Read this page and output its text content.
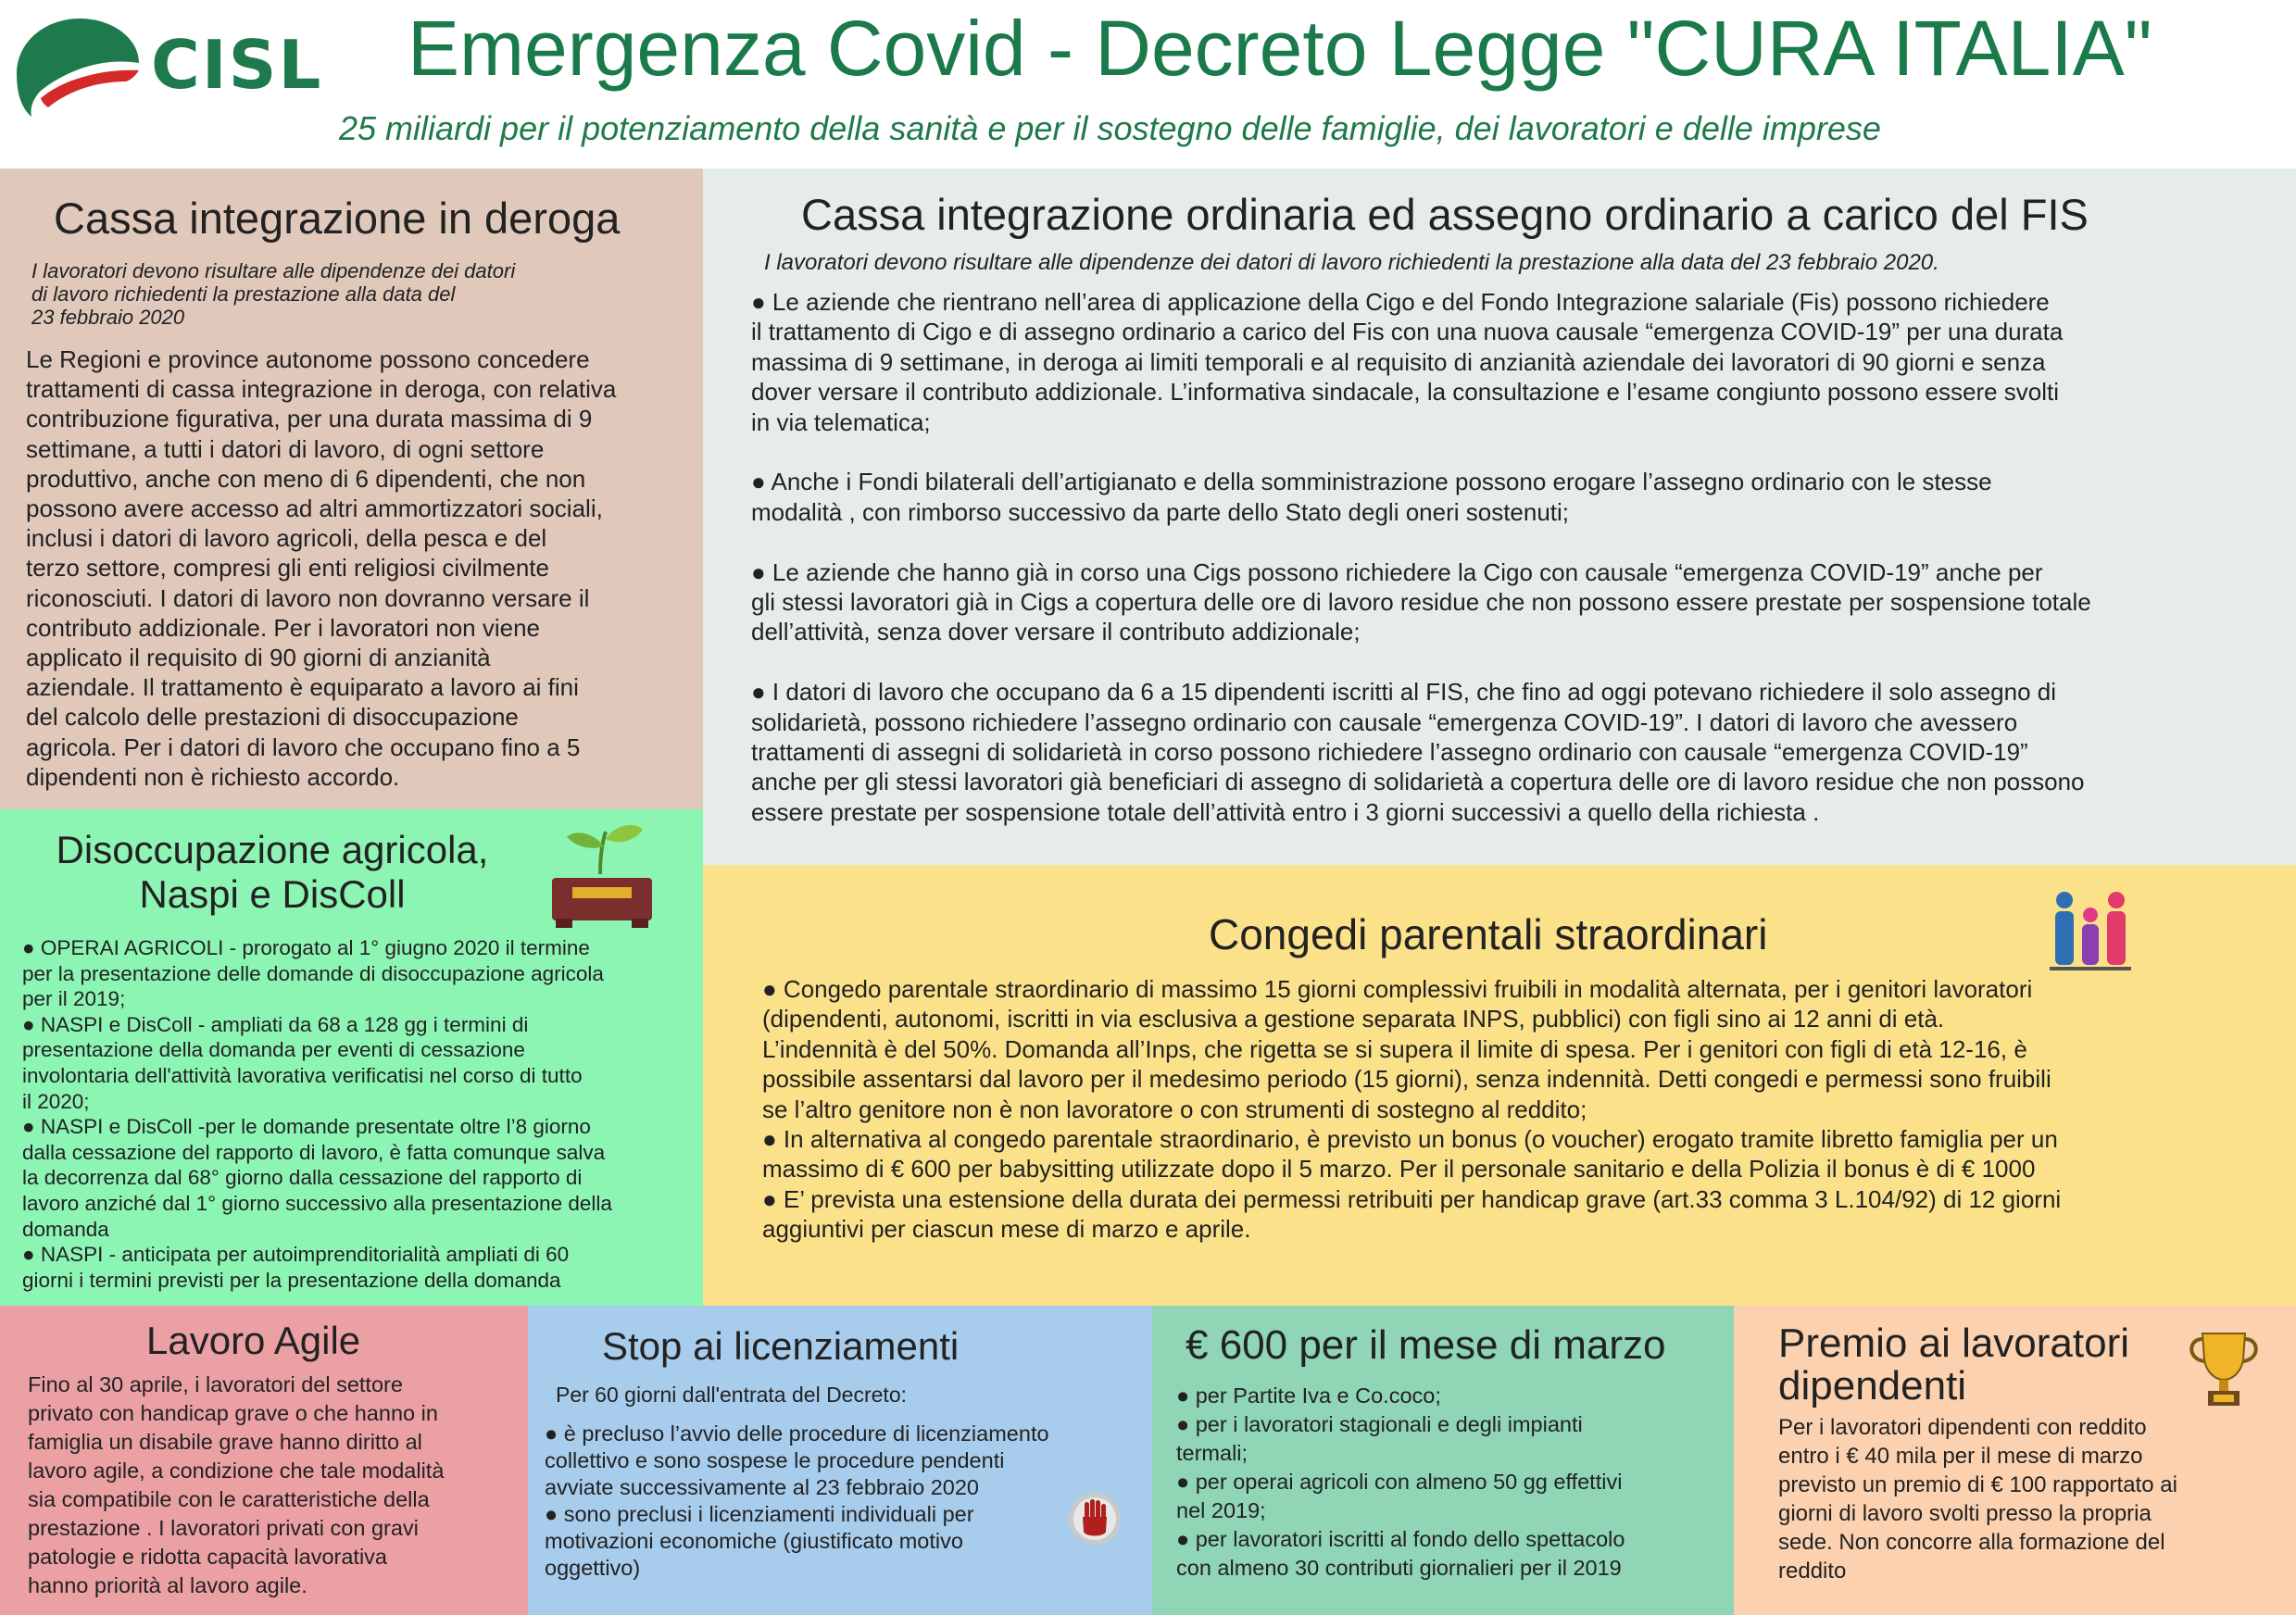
CISL Emergenza Covid - Decreto Legge "CURA ITALIA"
25 miliardi per il potenziamento della sanità e per il sostegno delle famiglie, dei lavoratori e delle imprese
Cassa integrazione in deroga
I lavoratori devono risultare alle dipendenze dei datori
di lavoro richiedenti la prestazione alla data del
23 febbraio 2020
Le Regioni e province autonome possono concedere
trattamenti di cassa integrazione in deroga, con relativa
contribuzione figurativa, per una durata massima di 9
settimane, a tutti i datori di lavoro, di ogni settore
produttivo, anche con meno di 6 dipendenti, che non
possono avere accesso ad altri ammortizzatori sociali,
inclusi i datori di lavoro agricoli, della pesca e del
terzo settore, compresi gli enti religiosi civilmente
riconosciuti. I datori di lavoro non dovranno versare il
contributo addizionale. Per i lavoratori non viene
applicato il requisito di 90 giorni di anzianità
aziendale. Il trattamento è equiparato a lavoro ai fini
del calcolo delle prestazioni di disoccupazione
agricola. Per i datori di lavoro che occupano fino a 5
dipendenti non è richiesto accordo.
Cassa integrazione ordinaria ed assegno ordinario a carico del FIS
I lavoratori devono risultare alle dipendenze dei datori di lavoro richiedenti la prestazione alla data del 23 febbraio 2020.
● Le aziende che rientrano nell’area di applicazione della Cigo e del Fondo Integrazione salariale (Fis) possono richiedere
il trattamento di Cigo e di assegno ordinario a carico del Fis con una nuova causale “emergenza COVID-19” per una durata
massima di 9 settimane, in deroga ai limiti temporali e al requisito di anzianità aziendale dei lavoratori di 90 giorni e senza
dover versare il contributo addizionale. L’informativa sindacale, la consultazione e l’esame congiunto possono essere svolti
in via telematica;
● Anche i Fondi bilaterali dell’artigianato e della somministrazione possono erogare l’assegno ordinario con le stesse
modalità , con rimborso successivo da parte dello Stato degli oneri sostenuti;
● Le aziende che hanno già in corso una Cigs possono richiedere la Cigo con causale “emergenza COVID-19” anche per
gli stessi lavoratori già in Cigs a copertura delle ore di lavoro residue che non possono essere prestate per sospensione totale
dell’attività, senza dover versare il contributo addizionale;
● I datori di lavoro che occupano da 6 a 15 dipendenti iscritti al FIS, che fino ad oggi potevano richiedere il solo assegno di
solidarietà, possono richiedere l’assegno ordinario con causale “emergenza COVID-19”. I datori di lavoro che avessero
trattamenti di assegni di solidarietà in corso possono richiedere l’assegno ordinario con causale “emergenza COVID-19”
anche per gli stessi lavoratori già beneficiari di assegno di solidarietà a copertura delle ore di lavoro residue che non possono
essere prestate per sospensione totale dell’attività entro i 3 giorni successivi a quello della richiesta .
Disoccupazione agricola,
Naspi e DisColl
● OPERAI AGRICOLI - prorogato al 1° giugno 2020 il termine
per la presentazione delle domande di disoccupazione agricola
per il 2019;
● NASPI e DisColl - ampliati da 68 a 128 gg i termini di
presentazione della domanda per eventi di cessazione
involontaria dell'attività lavorativa verificatisi nel corso di tutto
il 2020;
● NASPI e DisColl -per le domande presentate oltre l’8 giorno
dalla cessazione del rapporto di lavoro, è fatta comunque salva
la decorrenza dal 68° giorno dalla cessazione del rapporto di
lavoro anziché dal 1° giorno successivo alla presentazione della
domanda
● NASPI - anticipata per autoimprenditorialità ampliati di 60
giorni i termini previsti per la presentazione della domanda
Congedi parentali straordinari
● Congedo parentale straordinario di massimo 15 giorni complessivi fruibili in modalità alternata, per i genitori lavoratori
(dipendenti, autonomi, iscritti in via esclusiva a gestione separata INPS, pubblici) con figli sino ai 12 anni di età.
L’indennità è del 50%. Domanda all’Inps, che rigetta se si supera il limite di spesa. Per i genitori con figli di età 12-16, è
possibile assentarsi dal lavoro per il medesimo periodo (15 giorni), senza indennità. Detti congedi e permessi sono fruibili
se l’altro genitore non è non lavoratore o con strumenti di sostegno al reddito;
● In alternativa al congedo parentale straordinario, è previsto un bonus (o voucher) erogato tramite libretto famiglia per un
massimo di € 600 per babysitting utilizzate dopo il 5 marzo. Per il personale sanitario e della Polizia il bonus è di € 1000
● E’ prevista una estensione della durata dei permessi retribuiti per handicap grave (art.33 comma 3 L.104/92) di 12 giorni
aggiuntivi per ciascun mese di marzo e aprile.
Lavoro Agile
Fino al 30 aprile, i lavoratori del settore
privato con handicap grave o che hanno in
famiglia un disabile grave hanno diritto al
lavoro agile, a condizione che tale modalità
sia compatibile con le caratteristiche della
prestazione . I lavoratori privati con gravi
patologie e ridotta capacità lavorativa
hanno priorità al lavoro agile.
Stop ai licenziamenti
Per 60 giorni dall'entrata del Decreto:
● è precluso l’avvio delle procedure di licenziamento
collettivo e sono sospese le procedure pendenti
avviate successivamente al 23 febbraio 2020
● sono preclusi i licenziamenti individuali per
motivazioni economiche (giustificato motivo
oggettivo)
€ 600 per il mese di marzo
● per Partite Iva e Co.coco;
● per i lavoratori stagionali e degli impianti
termali;
● per operai agricoli con almeno 50 gg effettivi
nel 2019;
● per lavoratori iscritti al fondo dello spettacolo
con almeno 30 contributi giornalieri per il 2019
Premio ai lavoratori
dipendenti
Per i lavoratori dipendenti con reddito
entro i € 40 mila per il mese di marzo
previsto un premio di € 100 rapportato ai
giorni di lavoro svolti presso la propria
sede. Non concorre alla formazione del
reddito
